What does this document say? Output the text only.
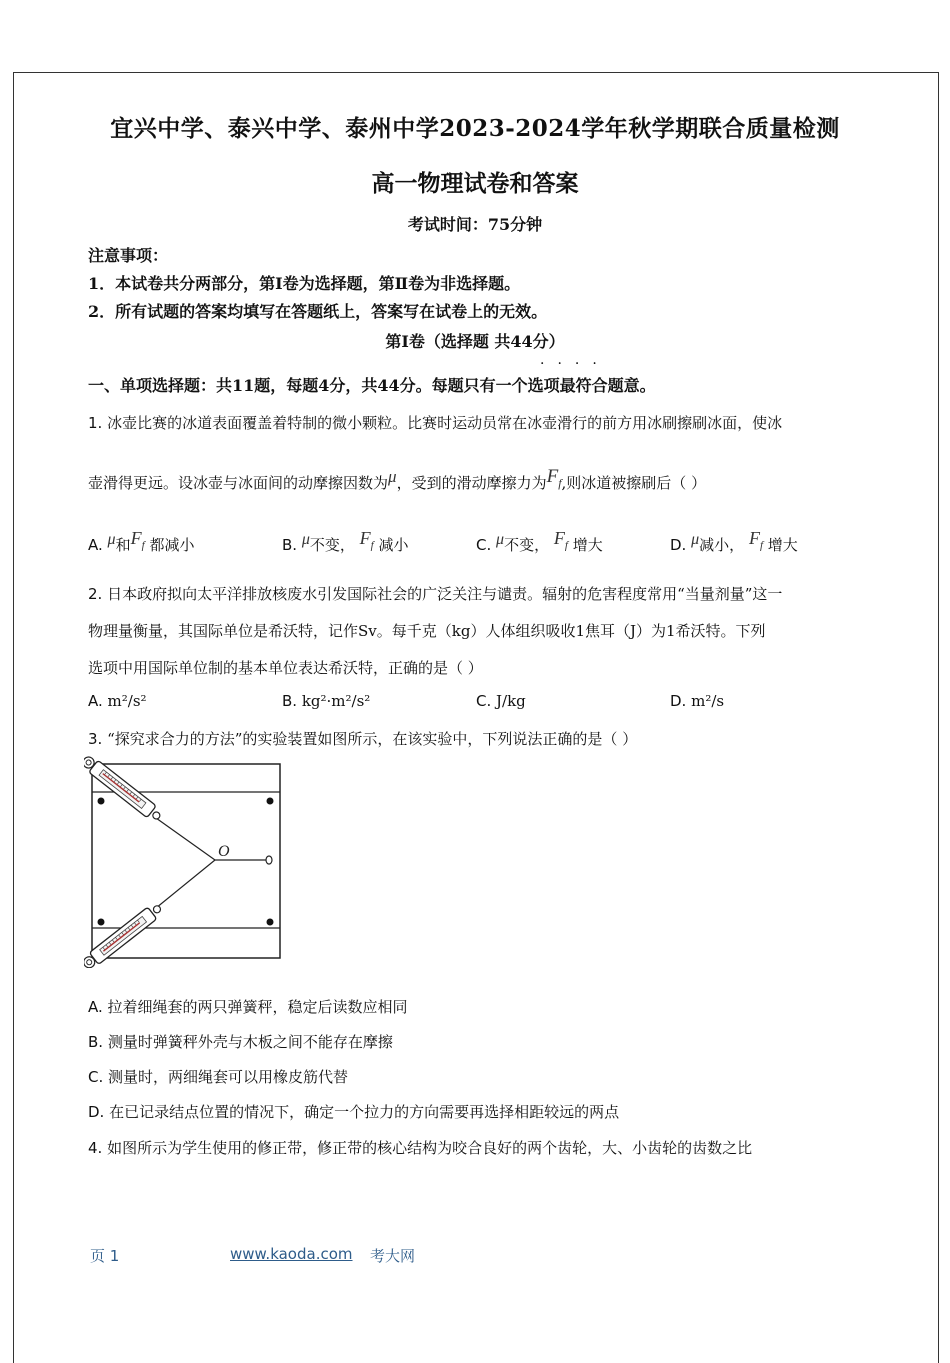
宜兴中学、泰兴中学、泰州中学2023-2024学年秋学期联合质量检测
高一物理试卷和答案
考试时间：75分钟
注意事项：
1．本试卷共分两部分，第Ⅰ卷为选择题，第Ⅱ卷为非选择题。
2．所有试题的答案均填写在答题纸上，答案写在试卷上的无效。
第Ⅰ卷（选择题 共44分）
····
一、单项选择题：共11题，每题4分，共44分。每题只有一个选项最符合题意。
1. 冰壶比赛的冰道表面覆盖着特制的微小颗粒。比赛时运动员常在冰壶滑行的前方用冰刷擦刷冰面，使冰
壶滑得更远。设冰壶与冰面间的动摩擦因数为$^\mu$，受到的滑动摩擦力为$^{F_f}$,则冰道被擦刷后（ ）
A. $^\mu$和$^{F_f}$ 都减小	B. $^\mu$不变， $^{F_f}$ 减小	C. $^\mu$不变， $^{F_f}$ 增大	D. $^\mu$减小， $^{F_f}$ 增大
2. 日本政府拟向太平洋排放核废水引发国际社会的广泛关注与谴责。辐射的危害程度常用“当量剂量”这一
物理量衡量，其国际单位是希沃特，记作Sv。每千克（kg）人体组织吸收1焦耳（J）为1希沃特。下列
选项中用国际单位制的基本单位表达希沃特，正确的是（ ）
A. m²/s²	B. kg²·m²/s²	C. J/kg	D. m²/s
3. “探究求合力的方法”的实验装置如图所示，在该实验中，下列说法正确的是（ ）
O
A. 拉着细绳套的两只弹簧秤，稳定后读数应相同
B. 测量时弹簧秤外壳与木板之间不能存在摩擦
C. 测量时，两细绳套可以用橡皮筋代替
D. 在已记录结点位置的情况下，确定一个拉力的方向需要再选择相距较远的两点
4. 如图所示为学生使用的修正带，修正带的核心结构为咬合良好的两个齿轮，大、小齿轮的齿数之比
页 1	www.kaoda.com 考大网
